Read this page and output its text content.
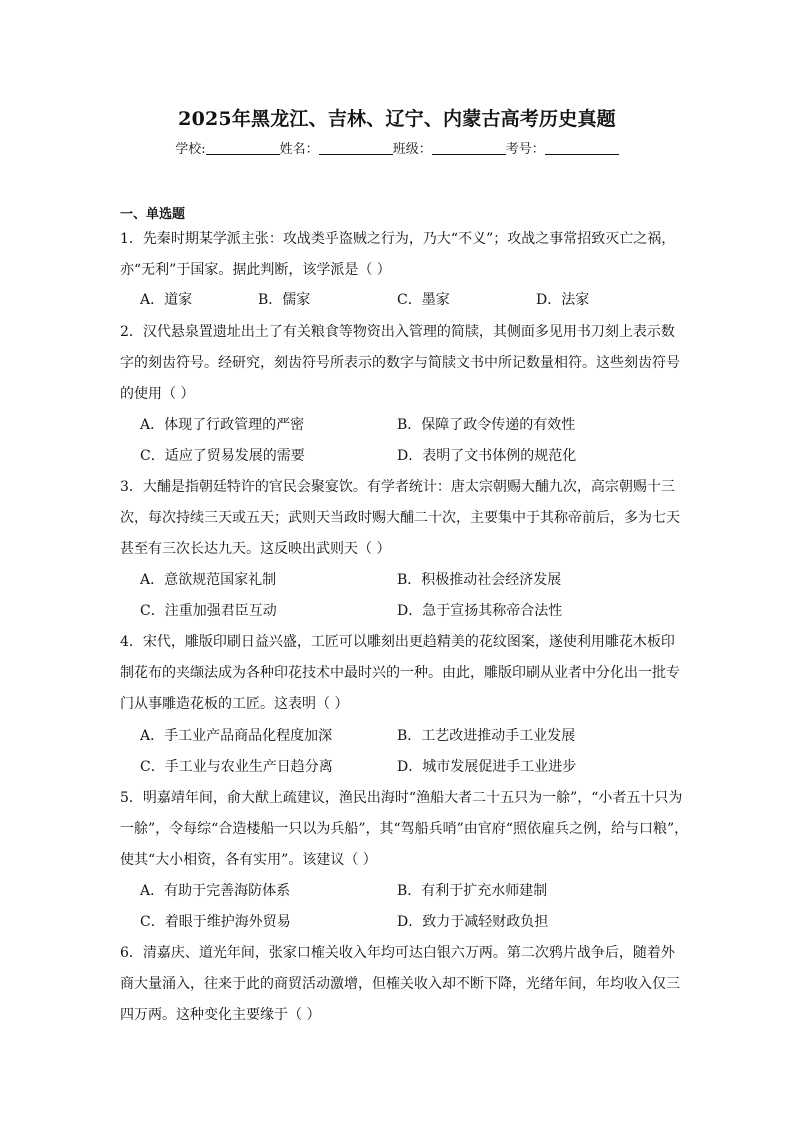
2025年黑龙江、吉林、辽宁、内蒙古高考历史真题
学校:	姓名：	班级：	考号：
一、单选题
1．先秦时期某学派主张：攻战类乎盗贼之行为，乃大“不义”；攻战之事常招致灭亡之祸，
亦“无利”于国家。据此判断，该学派是（ ）
A．道家	B．儒家	C．墨家	D．法家
2．汉代悬泉置遗址出土了有关粮食等物资出入管理的简牍，其侧面多见用书刀刻上表示数
字的刻齿符号。经研究，刻齿符号所表示的数字与简牍文书中所记数量相符。这些刻齿符号
的使用（ ）
A．体现了行政管理的严密	B．保障了政令传递的有效性
C．适应了贸易发展的需要	D．表明了文书体例的规范化
3．大酺是指朝廷特许的官民会聚宴饮。有学者统计：唐太宗朝赐大酺九次，高宗朝赐十三
次，每次持续三天或五天；武则天当政时赐大酺二十次，主要集中于其称帝前后，多为七天
甚至有三次长达九天。这反映出武则天（ ）
A．意欲规范国家礼制	B．积极推动社会经济发展
C．注重加强君臣互动	D．急于宣扬其称帝合法性
4．宋代，雕版印刷日益兴盛，工匠可以雕刻出更趋精美的花纹图案，遂使利用雕花木板印
制花布的夹缬法成为各种印花技术中最时兴的一种。由此，雕版印刷从业者中分化出一批专
门从事雕造花板的工匠。这表明（ ）
A．手工业产品商品化程度加深	B．工艺改进推动手工业发展
C．手工业与农业生产日趋分离	D．城市发展促进手工业进步
5．明嘉靖年间，俞大猷上疏建议，渔民出海时“渔船大者二十五只为一艅”，“小者五十只为
一艅”，令每综“合造楼船一只以为兵船”，其“驾船兵哨”由官府“照依雇兵之例，给与口粮”，
使其“大小相资，各有实用”。该建议（ ）
A．有助于完善海防体系	B．有利于扩充水师建制
C．着眼于维护海外贸易	D．致力于减轻财政负担
6．清嘉庆、道光年间，张家口榷关收入年均可达白银六万两。第二次鸦片战争后，随着外
商大量涌入，往来于此的商贸活动激增，但榷关收入却不断下降，光绪年间，年均收入仅三
四万两。这种变化主要缘于（ ）
